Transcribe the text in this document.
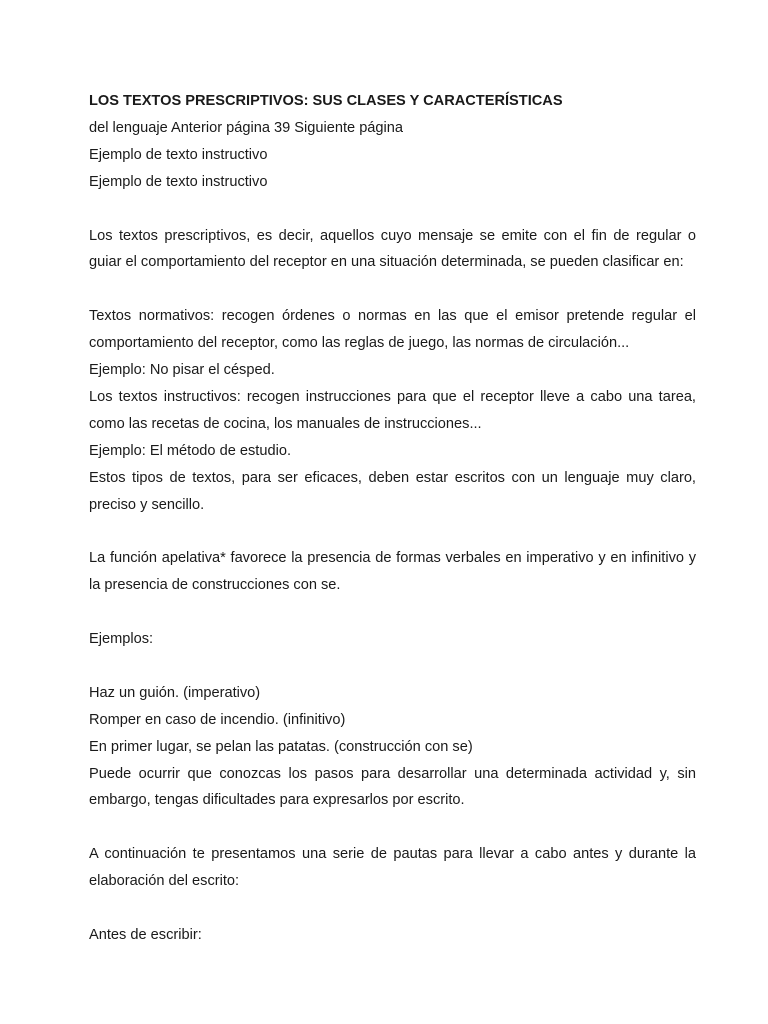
LOS TEXTOS PRESCRIPTIVOS: SUS CLASES Y CARACTERÍSTICAS

del lenguaje Anterior página 39 Siguiente página

Ejemplo de texto instructivo

Ejemplo de texto instructivo

Los textos prescriptivos, es decir, aquellos cuyo mensaje se emite con el fin de regular o guiar el comportamiento del receptor en una situación determinada, se pueden clasificar en:

Textos normativos: recogen órdenes o normas en las que el emisor pretende regular el comportamiento del receptor, como las reglas de juego, las normas de circulación...

Ejemplo: No pisar el césped.

Los textos instructivos: recogen instrucciones para que el receptor lleve a cabo una tarea, como las recetas de cocina, los manuales de instrucciones...

Ejemplo: El método de estudio.

Estos tipos de textos, para ser eficaces, deben estar escritos con un lenguaje muy claro, preciso y sencillo.

La función apelativa* favorece la presencia de formas verbales en imperativo y en infinitivo y la presencia de construcciones con se.

Ejemplos:

Haz un guión. (imperativo)

Romper en caso de incendio. (infinitivo)

En primer lugar, se pelan las patatas. (construcción con se)

Puede ocurrir que conozcas los pasos para desarrollar una determinada actividad y, sin embargo, tengas dificultades para expresarlos por escrito.

A continuación te presentamos una serie de pautas para llevar a cabo antes y durante la elaboración del escrito:

Antes de escribir:
